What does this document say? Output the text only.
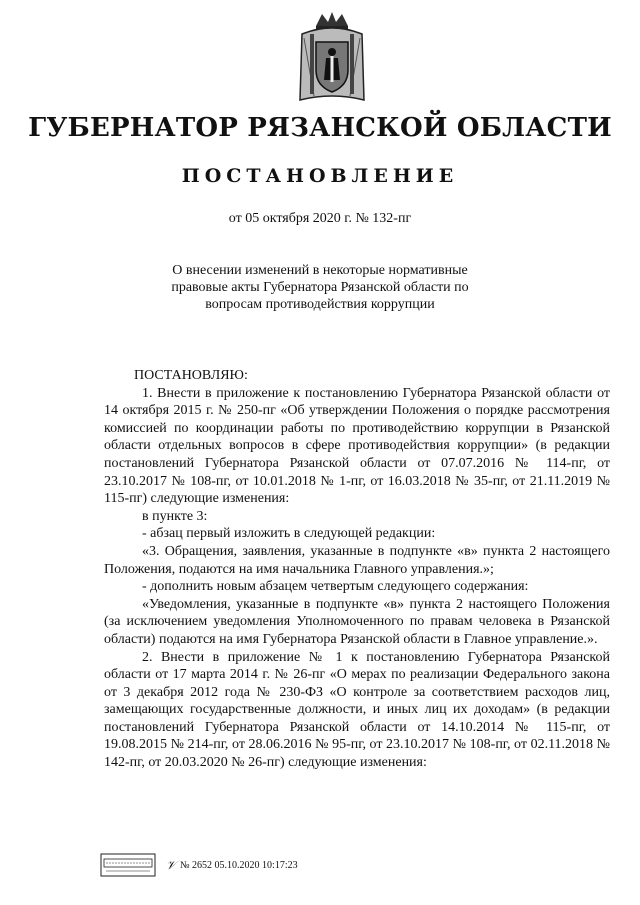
ГУБЕРНАТОР РЯЗАНСКОЙ ОБЛАСТИ
ПОСТАНОВЛЕНИЕ
от 05 октября 2020 г. № 132-пг
О внесении изменений в некоторые нормативные правовые акты Губернатора Рязанской области по вопросам противодействия коррупции

ПОСТАНОВЛЯЮ:

1. Внести в приложение к постановлению Губернатора Рязанской области от 14 октября 2015 г. № 250-пг «Об утверждении Положения о порядке рассмотрения комиссией по координации работы по противодействию коррупции в Рязанской области отдельных вопросов в сфере противодействия коррупции» (в редакции постановлений Губернатора Рязанской области от 07.07.2016 № 114-пг, от 23.10.2017 № 108-пг, от 10.01.2018 № 1-пг, от 16.03.2018 № 35-пг, от 21.11.2019 № 115-пг) следующие изменения:

в пункте 3:

- абзац первый изложить в следующей редакции:

«3. Обращения, заявления, указанные в подпункте «в» пункта 2 настоящего Положения, подаются на имя начальника Главного управления.»;

- дополнить новым абзацем четвертым следующего содержания:

«Уведомления, указанные в подпункте «в» пункта 2 настоящего Положения (за исключением уведомления Уполномоченного по правам человека в Рязанской области) подаются на имя Губернатора Рязанской области в Главное управление.».

2. Внести в приложение № 1 к постановлению Губернатора Рязанской области от 17 марта 2014 г. № 26-пг «О мерах по реализации Федерального закона от 3 декабря 2012 года № 230-ФЗ «О контроле за соответствием расходов лиц, замещающих государственные должности, и иных лиц их доходам» (в редакции постановлений Губернатора Рязанской области от 14.10.2014 № 115-пг, от 19.08.2015 № 214-пг, от 28.06.2016 № 95-пг, от 23.10.2017 № 108-пг, от 02.11.2018 № 142-пг, от 20.03.2020 № 26-пг) следующие изменения:

𝒱 № 2652 05.10.2020 10:17:23
